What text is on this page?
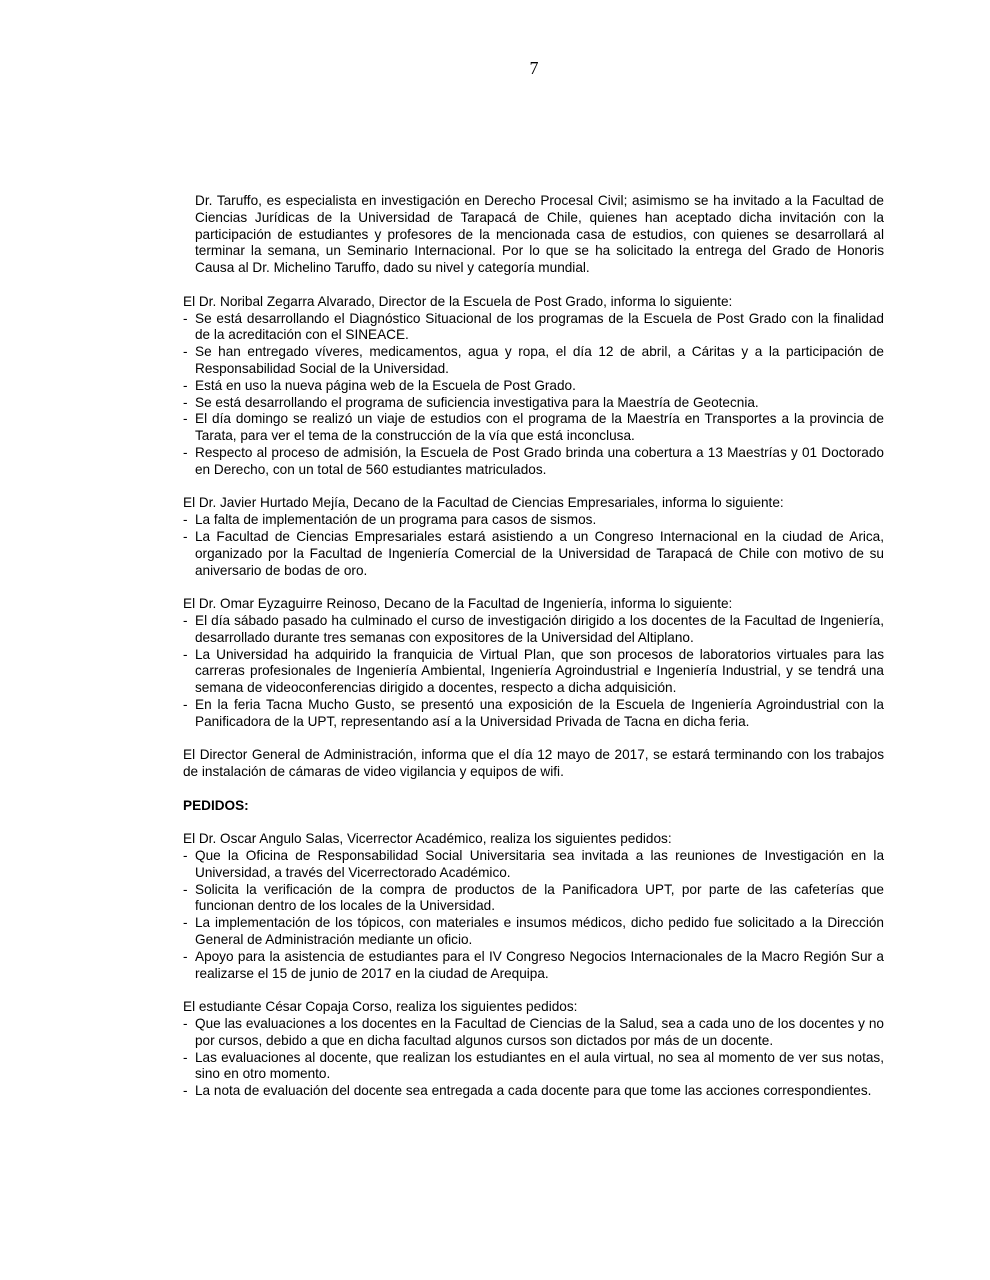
7

Dr. Taruffo, es especialista en investigación en Derecho Procesal Civil; asimismo se ha invitado a la Facultad de Ciencias Jurídicas de la Universidad de Tarapacá de Chile, quienes han aceptado dicha invitación con la participación de estudiantes y profesores de la mencionada casa de estudios, con quienes se desarrollará al terminar la semana, un Seminario Internacional. Por lo que se ha solicitado la entrega del Grado de Honoris Causa al Dr. Michelino Taruffo, dado su nivel y categoría mundial.

El Dr. Noribal Zegarra Alvarado, Director de la Escuela de Post Grado, informa lo siguiente:

- Se está desarrollando el Diagnóstico Situacional de los programas de la Escuela de Post Grado con la finalidad de la acreditación con el SINEACE.
- Se han entregado víveres, medicamentos, agua y ropa, el día 12 de abril, a Cáritas y a la participación de Responsabilidad Social de la Universidad.
- Está en uso la nueva página web de la Escuela de Post Grado.
- Se está desarrollando el programa de suficiencia investigativa para la Maestría de Geotecnia.
- El día domingo se realizó un viaje de estudios con el programa de la Maestría en Transportes a la provincia de Tarata, para ver el tema de la construcción de la vía que está inconclusa.
- Respecto al proceso de admisión, la Escuela de Post Grado brinda una cobertura a 13 Maestrías y 01 Doctorado en Derecho, con un total de 560 estudiantes matriculados.

El Dr. Javier Hurtado Mejía, Decano de la Facultad de Ciencias Empresariales, informa lo siguiente:

- La falta de implementación de un programa para casos de sismos.
- La Facultad de Ciencias Empresariales estará asistiendo a un Congreso Internacional en la ciudad de Arica, organizado por la Facultad de Ingeniería Comercial de la Universidad de Tarapacá de Chile con motivo de su aniversario de bodas de oro.

El Dr. Omar Eyzaguirre Reinoso, Decano de la Facultad de Ingeniería, informa lo siguiente:

- El día sábado pasado ha culminado el curso de investigación dirigido a los docentes de la Facultad de Ingeniería, desarrollado durante tres semanas con expositores de la Universidad del Altiplano.
- La Universidad ha adquirido la franquicia de Virtual Plan, que son procesos de laboratorios virtuales para las carreras profesionales de Ingeniería Ambiental, Ingeniería Agroindustrial e Ingeniería Industrial, y se tendrá una semana de videoconferencias dirigido a docentes, respecto a dicha adquisición.
- En la feria Tacna Mucho Gusto, se presentó una exposición de la Escuela de Ingeniería Agroindustrial con la Panificadora de la UPT, representando así a la Universidad Privada de Tacna en dicha feria.

El Director General de Administración, informa que el día 12 mayo de 2017, se estará terminando con los trabajos de instalación de cámaras de video vigilancia y equipos de wifi.

PEDIDOS:

El Dr. Oscar Angulo Salas, Vicerrector Académico, realiza los siguientes pedidos:

- Que la Oficina de Responsabilidad Social Universitaria sea invitada a las reuniones de Investigación en la Universidad, a través del Vicerrectorado Académico.
- Solicita la verificación de la compra de productos de la Panificadora UPT, por parte de las cafeterías que funcionan dentro de los locales de la Universidad.
- La implementación de los tópicos, con materiales e insumos médicos, dicho pedido fue solicitado a la Dirección General de Administración mediante un oficio.
- Apoyo para la asistencia de estudiantes para el IV Congreso Negocios Internacionales de la Macro Región Sur a realizarse el 15 de junio de 2017 en la ciudad de Arequipa.

El estudiante César Copaja Corso, realiza los siguientes pedidos:

- Que las evaluaciones a los docentes en la Facultad de Ciencias de la Salud, sea a cada uno de los docentes y no por cursos, debido a que en dicha facultad algunos cursos son dictados por más de un docente.
- Las evaluaciones al docente, que realizan los estudiantes en el aula virtual, no sea al momento de ver sus notas, sino en otro momento.
- La nota de evaluación del docente sea entregada a cada docente para que tome las acciones correspondientes.
